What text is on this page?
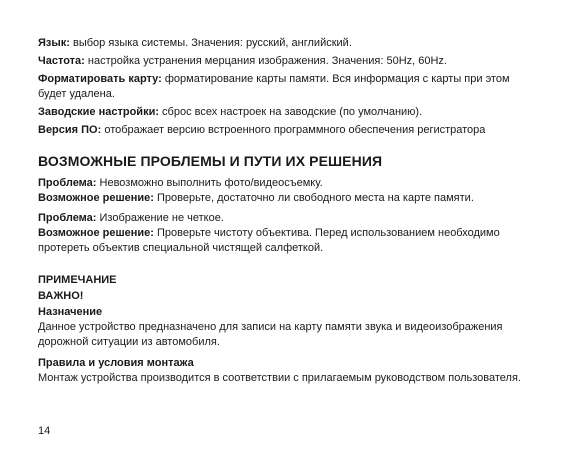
Язык: выбор языка системы. Значения: русский, английский.

Частота: настройка устранения мерцания изображения. Значения: 50Hz, 60Hz.

Форматировать карту: форматирование карты памяти. Вся информация с карты при этом будет удалена.

Заводские настройки: сброс всех настроек на заводские (по умолчанию).

Версия ПО: отображает версию встроенного программного обеспечения регистратора

ВОЗМОЖНЫЕ ПРОБЛЕМЫ И ПУТИ ИХ РЕШЕНИЯ

Проблема: Невозможно выполнить фото/видеосъемку.

Возможное решение: Проверьте, достаточно ли свободного места на карте памяти.

Проблема: Изображение не четкое.

Возможное решение: Проверьте чистоту объектива. Перед использованием необходимо протереть объектив специальной чистящей салфеткой.

ПРИМЕЧАНИЕ

ВАЖНО!

Назначение

Данное устройство предназначено для записи на карту памяти звука и видеоизображения дорожной ситуации из автомобиля.

Правила и условия монтажа

Монтаж устройства производится в соответствии с прилагаемым руководством пользователя.

14
